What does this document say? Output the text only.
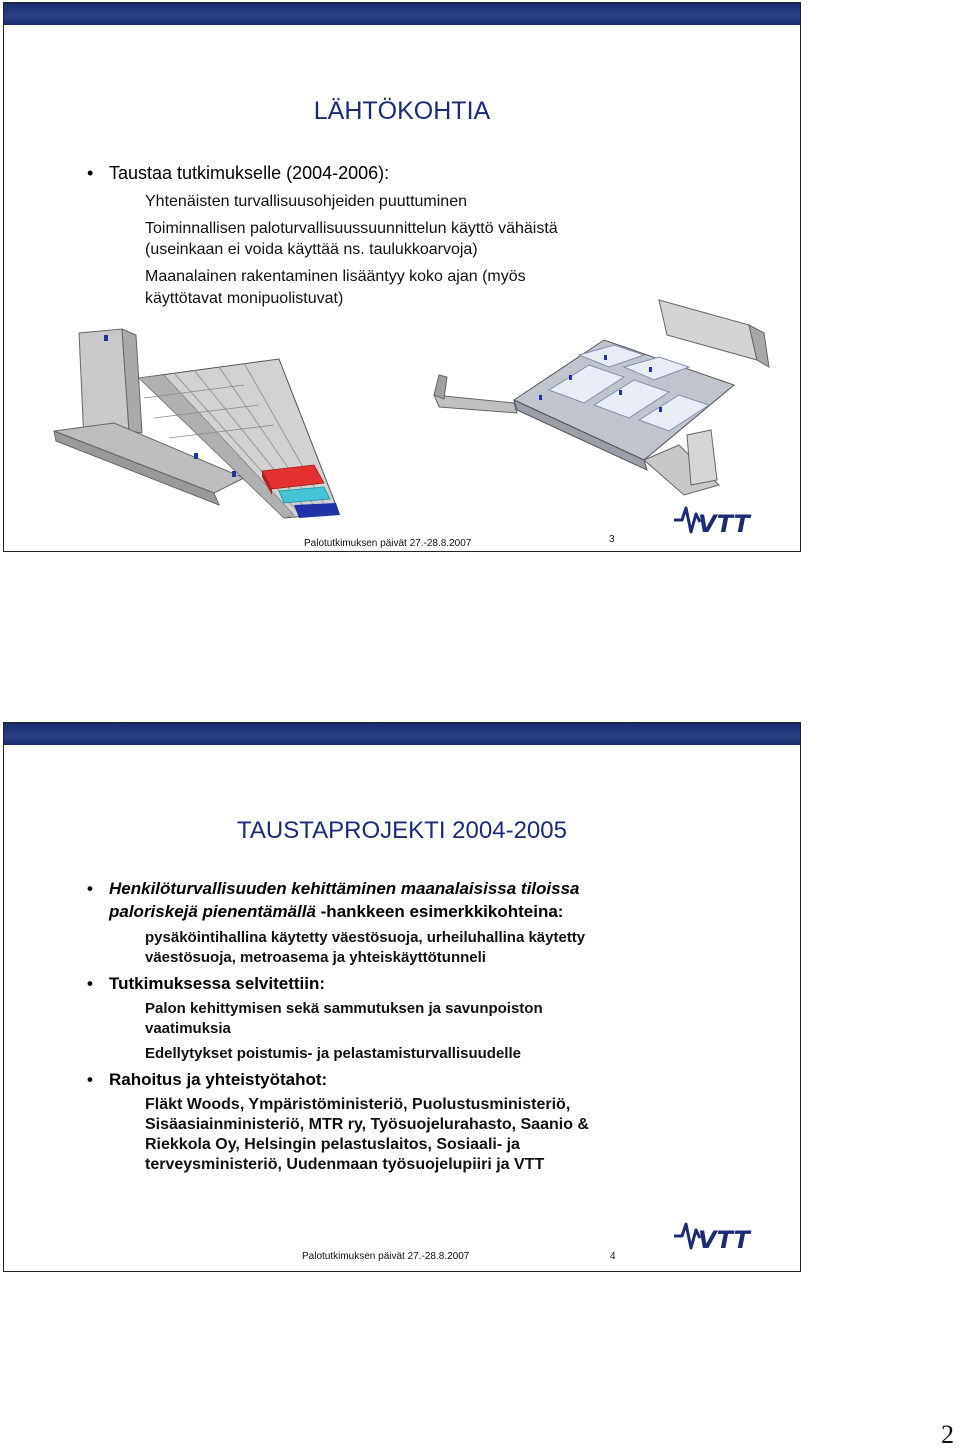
LÄHTÖKOHTIA
• Taustaa tutkimukselle (2004-2006):
Yhtenäisten turvallisuusohjeiden puuttuminen
Toiminnallisen paloturvallisuussuunnittelun käyttö vähäistä
(useinkaan ei voida käyttää ns. taulukkoarvoja)
Maanalainen rakentaminen lisääntyy koko ajan (myös
käyttötavat monipuolistuvat)
Palotutkimuksen päivät 27.-28.8.2007	3
VTT
TAUSTAPROJEKTI 2004-2005
• Henkilöturvallisuuden kehittäminen maanalaisissa tiloissa
paloriskejä pienentämällä -hankkeen esimerkkikohteina:
pysäköintihallina käytetty väestösuoja, urheiluhallina käytetty
väestösuoja, metroasema ja yhteiskäyttötunneli
• Tutkimuksessa selvitettiin:
Palon kehittymisen sekä sammutuksen ja savunpoiston
vaatimuksia
Edellytykset poistumis- ja pelastamisturvallisuudelle
• Rahoitus ja yhteistyötahot:
Fläkt Woods, Ympäristöministeriö, Puolustusministeriö,
Sisäasiainministeriö, MTR ry, Työsuojelurahasto, Saanio &
Riekkola Oy, Helsingin pelastuslaitos, Sosiaali- ja
terveysministeriö, Uudenmaan työsuojelupiiri ja VTT
Palotutkimuksen päivät 27.-28.8.2007	4
VTT
2
